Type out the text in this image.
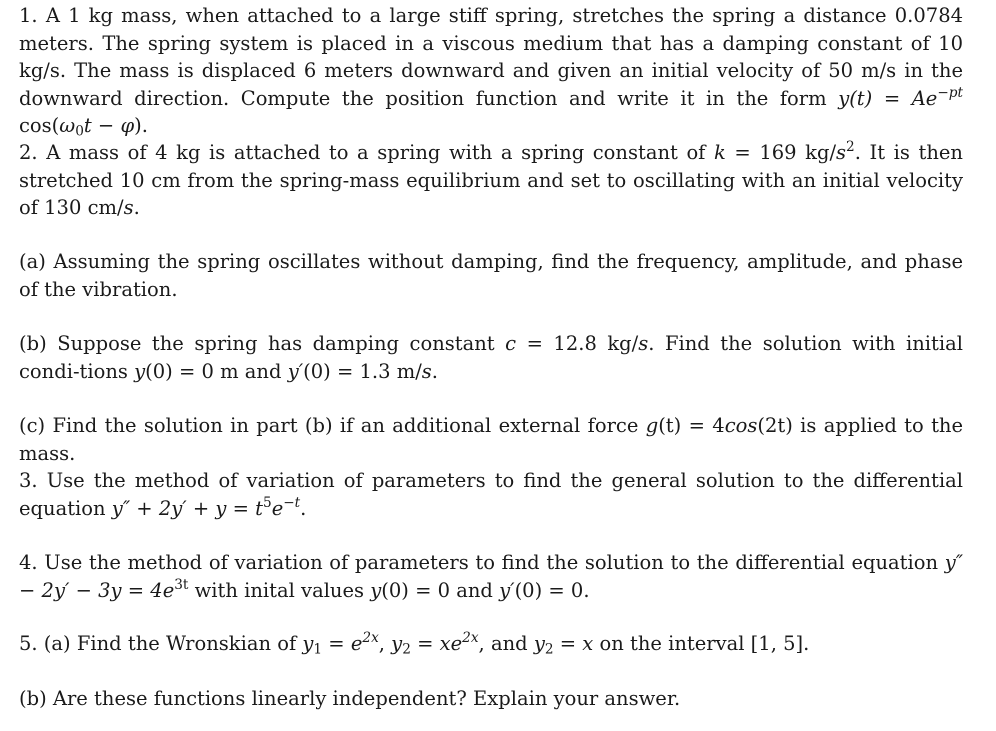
1. A 1 kg mass, when attached to a large stiff spring, stretches the spring a distance 0.0784 meters. The spring system is placed in a viscous medium that has a damping constant of 10 kg/s. The mass is displaced 6 meters downward and given an initial velocity of 50 m/s in the downward direction. Compute the position function and write it in the form $y(t) = Ae^{-pt}$ $\cos(\omega_0t - \varphi)$.
2. A mass of 4 kg is attached to a spring with a spring constant of k = 169 $kg/s^2$. It is then stretched 10 cm from the spring-mass equilibrium and set to oscillating with an initial velocity of 130 cm/s.
(a) Assuming the spring oscillates without damping, find the frequency, amplitude, and phase of the vibration.
(b) Suppose the spring has damping constant c = 12.8 kg/s. Find the solution with initial condi-tions y(0) = 0 m and y′(0) = 1.3 m/s.
(c) Find the solution in part (b) if an additional external force g(t) = 4cos(2t) is applied to the mass.
3. Use the method of variation of parameters to find the general solution to the differential equation $y'' + 2y' + y = t^5e^{-t}$.
4. Use the method of variation of parameters to find the solution to the differential equation $y'' - 2y' - 3y = 4e^{3t}$ with inital values y(0) = 0 and y′(0) = 0.
5. (a) Find the Wronskian of $y_1 = e^{2x}$, $y_2 = xe^{2x}$, and $y_2 = x$ on the interval [1, 5].
(b) Are these functions linearly independent? Explain your answer.
